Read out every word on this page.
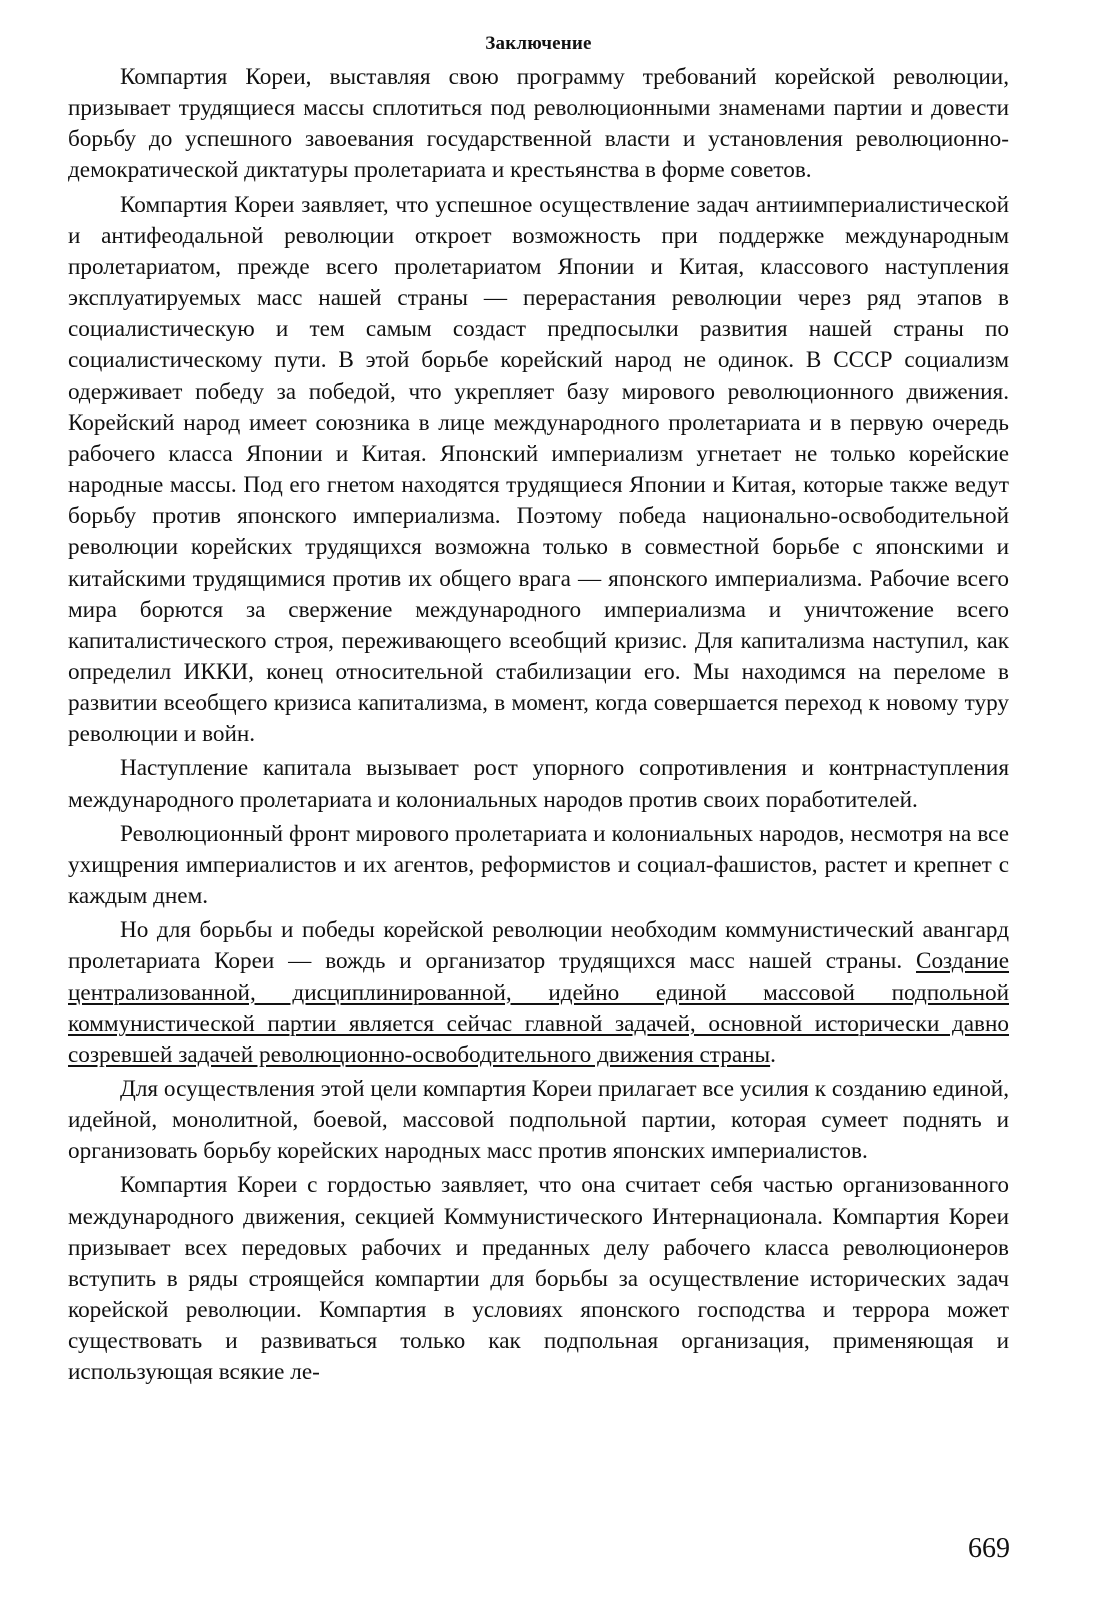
Заключение

Компартия Кореи, выставляя свою программу требований корейской революции, призывает трудящиеся массы сплотиться под революционными знаменами партии и довести борьбу до успешного завоевания государственной власти и установления революционно-демократической диктатуры пролетариата и крестьянства в форме советов.

Компартия Кореи заявляет, что успешное осуществление задач антиимпериалистической и антифеодальной революции откроет возможность при поддержке международным пролетариатом, прежде всего пролетариатом Японии и Китая, классового наступления эксплуатируемых масс нашей страны — перерастания революции через ряд этапов в социалистическую и тем самым создаст предпосылки развития нашей страны по социалистическому пути. В этой борьбе корейский народ не одинок. В СССР социализм одерживает победу за победой, что укрепляет базу мирового революционного движения. Корейский народ имеет союзника в лице международного пролетариата и в первую очередь рабочего класса Японии и Китая. Японский империализм угнетает не только корейские народные массы. Под его гнетом находятся трудящиеся Японии и Китая, которые также ведут борьбу против японского империализма. Поэтому победа национально-освободительной революции корейских трудящихся возможна только в совместной борьбе с японскими и китайскими трудящимися против их общего врага — японского империализма. Рабочие всего мира борются за свержение международного империализма и уничтожение всего капиталистического строя, переживающего всеобщий кризис. Для капитализма наступил, как определил ИККИ, конец относительной стабилизации его. Мы находимся на переломе в развитии всеобщего кризиса капитализма, в момент, когда совершается переход к новому туру революции и войн.

Наступление капитала вызывает рост упорного сопротивления и контрнаступления международного пролетариата и колониальных народов против своих поработителей.

Революционный фронт мирового пролетариата и колониальных народов, несмотря на все ухищрения империалистов и их агентов, реформистов и социал-фашистов, растет и крепнет с каждым днем.

Но для борьбы и победы корейской революции необходим коммунистический авангард пролетариата Кореи — вождь и организатор трудящихся масс нашей страны. Создание централизованной, дисциплинированной, идейно единой массовой подпольной коммунистической партии является сейчас главной задачей, основной исторически давно созревшей задачей революционно-освободительного движения страны.

Для осуществления этой цели компартия Кореи прилагает все усилия к созданию единой, идейной, монолитной, боевой, массовой подпольной партии, которая сумеет поднять и организовать борьбу корейских народных масс против японских империалистов.

Компартия Кореи с гордостью заявляет, что она считает себя частью организованного международного движения, секцией Коммунистического Интернационала. Компартия Кореи призывает всех передовых рабочих и преданных делу рабочего класса революционеров вступить в ряды строящейся компартии для борьбы за осуществление исторических задач корейской революции. Компартия в условиях японского господства и террора может существовать и развиваться только как подпольная организация, применяющая и использующая всякие ле-

669
